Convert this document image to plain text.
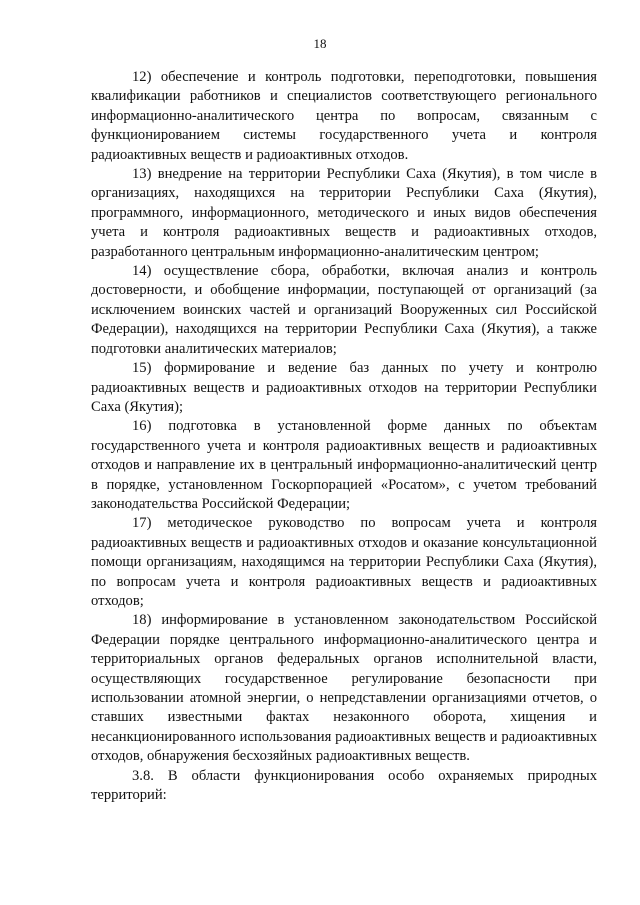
18

12) обеспечение и контроль подготовки, переподготовки, повышения квалификации работников и специалистов соответствующего регионального информационно-аналитического центра по вопросам, связанным с функционированием системы государственного учета и контроля радиоактивных веществ и радиоактивных отходов.

13) внедрение на территории Республики Саха (Якутия), в том числе в организациях, находящихся на территории Республики Саха (Якутия), программного, информационного, методического и иных видов обеспечения учета и контроля радиоактивных веществ и радиоактивных отходов, разработанного центральным информационно-аналитическим центром;

14) осуществление сбора, обработки, включая анализ и контроль достоверности, и обобщение информации, поступающей от организаций (за исключением воинских частей и организаций Вооруженных сил Российской Федерации), находящихся на территории Республики Саха (Якутия), а также подготовки аналитических материалов;

15) формирование и ведение баз данных по учету и контролю радиоактивных веществ и радиоактивных отходов на территории Республики Саха (Якутия);

16) подготовка в установленной форме данных по объектам государственного учета и контроля радиоактивных веществ и радиоактивных отходов и направление их в центральный информационно-аналитический центр в порядке, установленном Госкорпорацией «Росатом», с учетом требований законодательства Российской Федерации;

17) методическое руководство по вопросам учета и контроля радиоактивных веществ и радиоактивных отходов и оказание консультационной помощи организациям, находящимся на территории Республики Саха (Якутия), по вопросам учета и контроля радиоактивных веществ и радиоактивных отходов;

18) информирование в установленном законодательством Российской Федерации порядке центрального информационно-аналитического центра и территориальных органов федеральных органов исполнительной власти, осуществляющих государственное регулирование безопасности при использовании атомной энергии, о непредставлении организациями отчетов, о ставших известными фактах незаконного оборота, хищения и несанкционированного использования радиоактивных веществ и радиоактивных отходов, обнаружения бесхозяйных радиоактивных веществ.

3.8. В области функционирования особо охраняемых природных территорий:
